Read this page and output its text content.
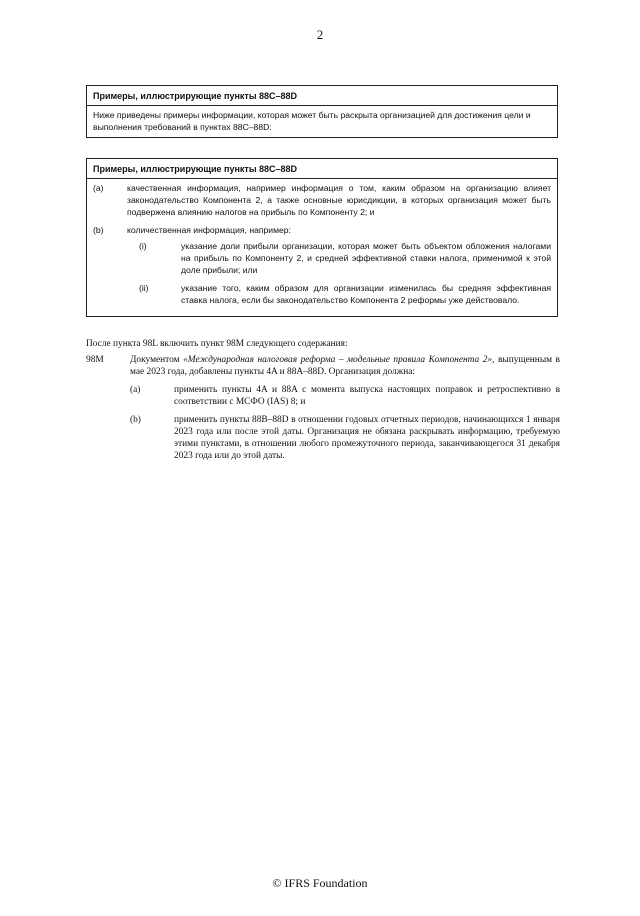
2
Примеры, иллюстрирующие пункты 88C–88D
Ниже приведены примеры информации, которая может быть раскрыта организацией для достижения цели и выполнения требований в пунктах 88C–88D:
Примеры, иллюстрирующие пункты 88C–88D
(a)	качественная информация, например информация о том, каким образом на организацию влияет законодательство Компонента 2, а также основные юрисдикции, в которых организация может быть подвержена влиянию налогов на прибыль по Компоненту 2; и
(b)	количественная информация, например:
(i)	указание доли прибыли организации, которая может быть объектом обложения налогами на прибыль по Компоненту 2, и средней эффективной ставки налога, применимой к этой доле прибыли; или
(ii)	указание того, каким образом для организации изменилась бы средняя эффективная ставка налога, если бы законодательство Компонента 2 реформы уже действовало.
После пункта 98L включить пункт 98M следующего содержания:
98M	Документом «Международная налоговая реформа – модельные правила Компонента 2», выпущенным в мае 2023 года, добавлены пункты 4A и 88A–88D. Организация должна:
(a)	применить пункты 4A и 88A с момента выпуска настоящих поправок и ретроспективно в соответствии с МСФО (IAS) 8; и
(b)	применить пункты 88B–88D в отношении годовых отчетных периодов, начинающихся 1 января 2023 года или после этой даты. Организация не обязана раскрывать информацию, требуемую этими пунктами, в отношении любого промежуточного периода, заканчивающегося 31 декабря 2023 года или до этой даты.
© IFRS Foundation
